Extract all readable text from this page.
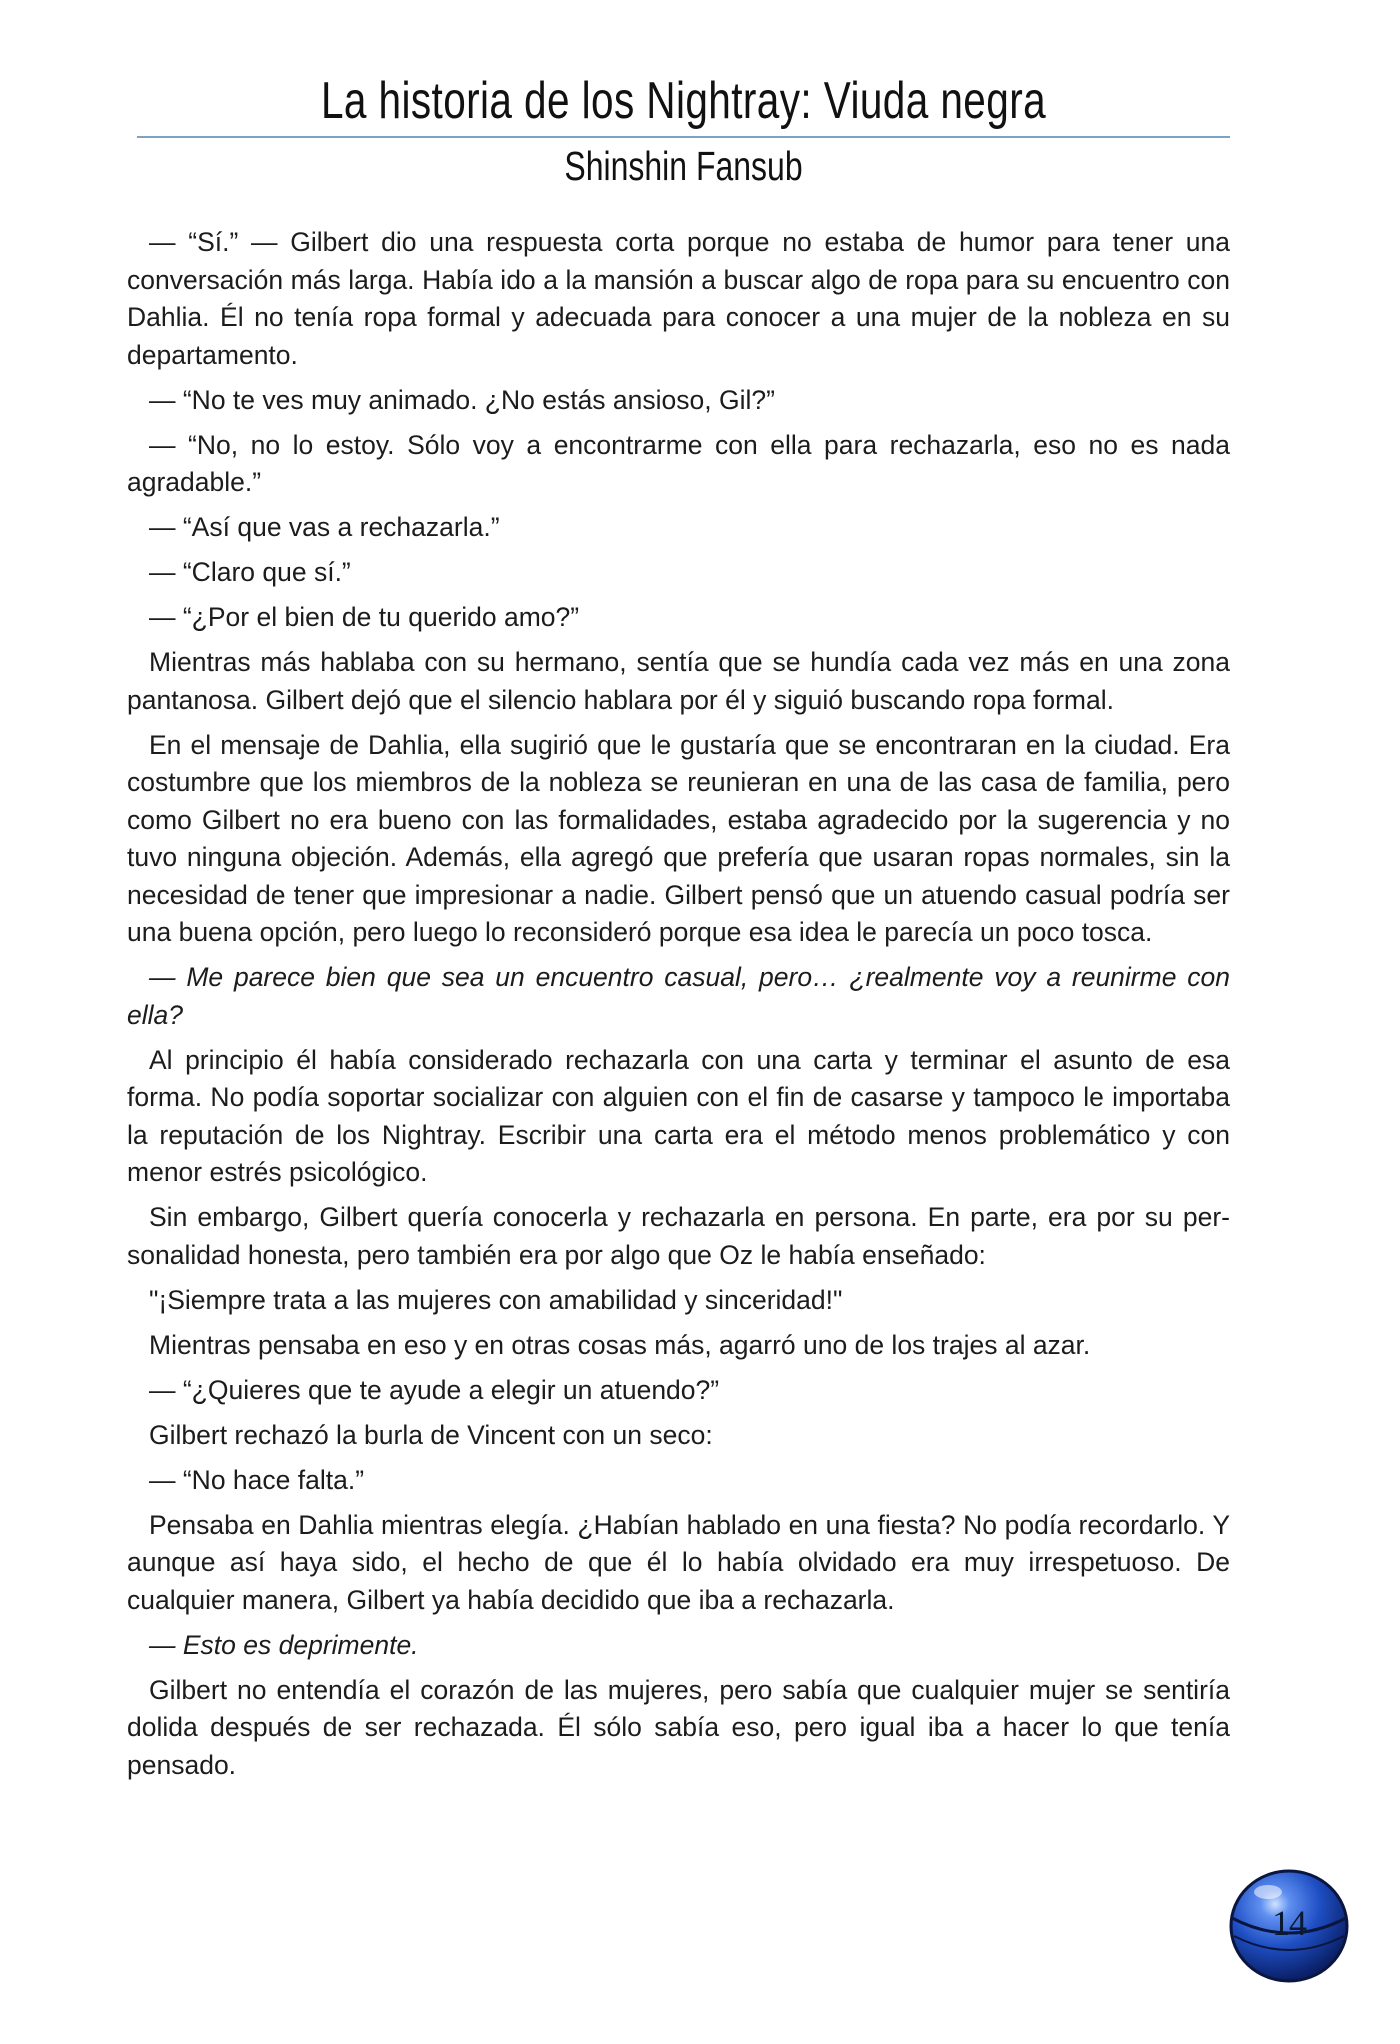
La historia de los Nightray: Viuda negra
Shinshin Fansub

— “Sí.” — Gilbert dio una respuesta corta porque no estaba de humor para tener una conversación más larga. Había ido a la mansión a buscar algo de ropa para su encuentro con Dahlia. Él no tenía ropa formal y adecuada para conocer a una mujer de la nobleza en su departamento.

— “No te ves muy animado. ¿No estás ansioso, Gil?”

— “No, no lo estoy. Sólo voy a encontrarme con ella para rechazarla, eso no es nada agradable.”

— “Así que vas a rechazarla.”

— “Claro que sí.”

— “¿Por el bien de tu querido amo?”

Mientras más hablaba con su hermano, sentía que se hundía cada vez más en una zona pantanosa. Gilbert dejó que el silencio hablara por él y siguió buscando ropa formal.

En el mensaje de Dahlia, ella sugirió que le gustaría que se encontraran en la ciudad. Era costumbre que los miembros de la nobleza se reunieran en una de las casa de familia, pero como Gilbert no era bueno con las formalidades, estaba agradecido por la sugerencia y no tuvo ninguna objeción. Además, ella agregó que prefería que usaran ropas normales, sin la necesidad de tener que impresionar a nadie. Gilbert pensó que un atuendo casual podría ser una buena opción, pero luego lo reconsideró porque esa idea le parecía un poco tosca.

— Me parece bien que sea un encuentro casual, pero… ¿realmente voy a reunirme con ella?

Al principio él había considerado rechazarla con una carta y terminar el asunto de esa forma. No podía soportar socializar con alguien con el fin de casarse y tampoco le importaba la reputación de los Nightray. Escribir una carta era el método menos problemático y con menor estrés psicológico.

Sin embargo, Gilbert quería conocerla y rechazarla en persona. En parte, era por su personalidad honesta, pero también era por algo que Oz le había enseñado:

"¡Siempre trata a las mujeres con amabilidad y sinceridad!"

Mientras pensaba en eso y en otras cosas más, agarró uno de los trajes al azar.

— “¿Quieres que te ayude a elegir un atuendo?”

Gilbert rechazó la burla de Vincent con un seco:

— “No hace falta.”

Pensaba en Dahlia mientras elegía. ¿Habían hablado en una fiesta? No podía recordarlo. Y aunque así haya sido, el hecho de que él lo había olvidado era muy irrespetuoso. De cualquier manera, Gilbert ya había decidido que iba a rechazarla.

— Esto es deprimente.

Gilbert no entendía el corazón de las mujeres, pero sabía que cualquier mujer se sentiría dolida después de ser rechazada. Él sólo sabía eso, pero igual iba a hacer lo que tenía pensado.

14
